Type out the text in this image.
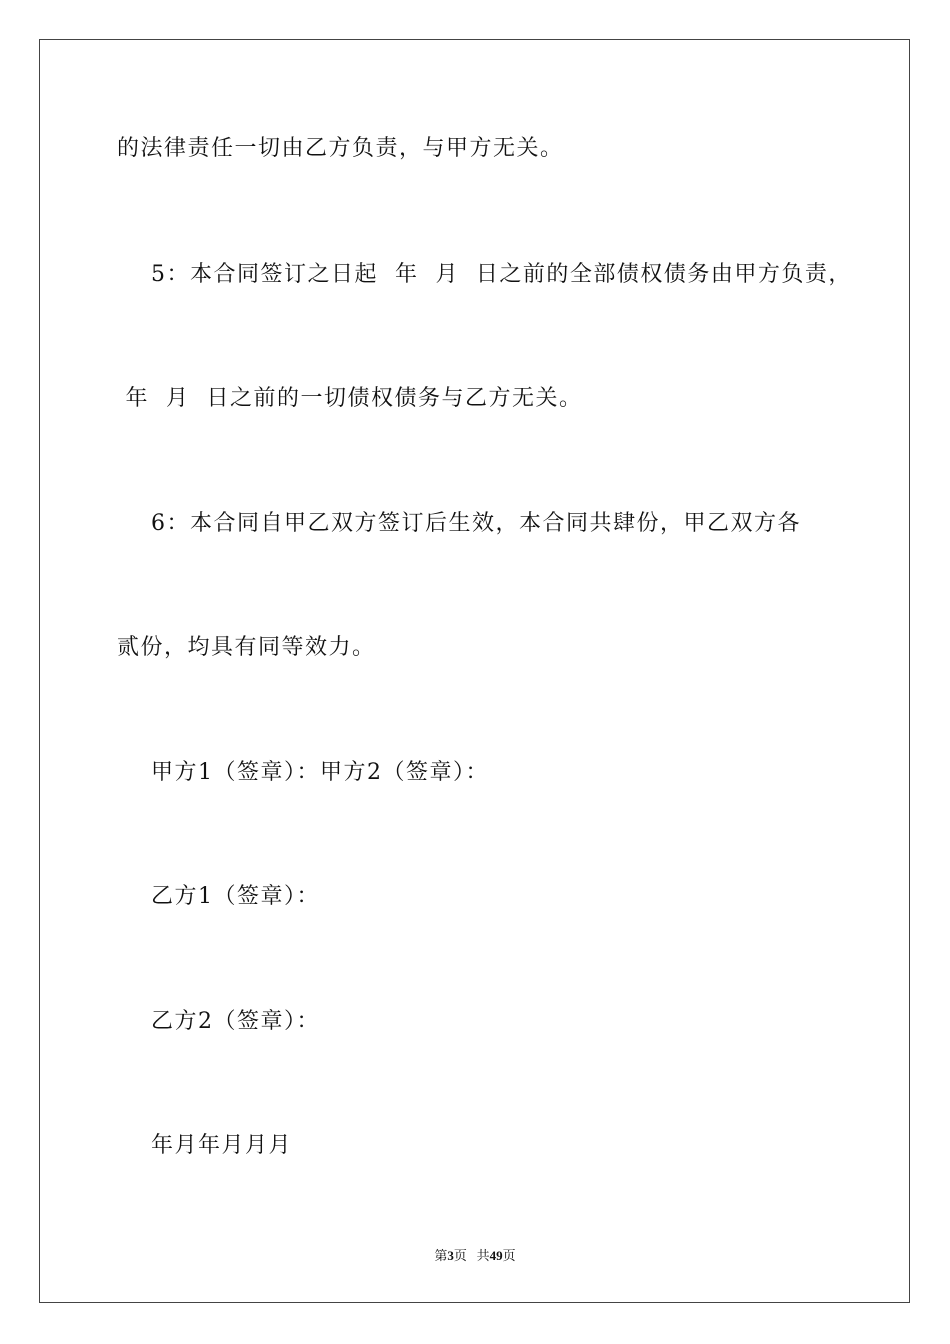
的法律责任一切由乙方负责，与甲方无关。
5：本合同签订之日起  年  月  日之前的全部债权债务由甲方负责，
年  月  日之前的一切债权债务与乙方无关。
6：本合同自甲乙双方签订后生效，本合同共肆份，甲乙双方各
贰份，均具有同等效力。
甲方1（签章）：甲方2（签章）：
乙方1（签章）：
乙方2（签章）：
年月年月月月
第3页 共49页
